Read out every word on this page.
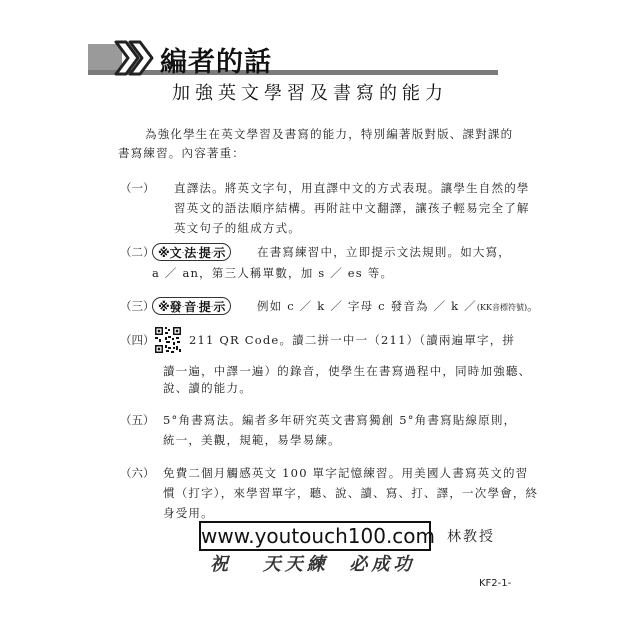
編者的話
加強英文學習及書寫的能力
為強化學生在英文學習及書寫的能力，特別編著版對版、課對課的
書寫練習。內容著重：
（一） 直譯法。將英文字句，用直譯中文的方式表現。讓學生自然的學
習英文的語法順序結構。再附註中文翻譯，讓孩子輕易完全了解
英文句子的組成方式。
（二） ※文⋅法⋅提⋅示	在書寫練習中，立即提示文法規則。如大寫，
a ／ an，第三人稱單數，加 s ／ es 等。
（三） ※發⋅音⋅提⋅示	例如 c ／ k ／ 字母 c 發音為 ／ k ／(KK音標符號)。
（四）	211 QR Code。讀二拼一中一（211）（讀兩遍單字，拼
讀一遍，中譯一遍）的錄音，使學生在書寫過程中，同時加強聽、
說、讀的能力。
（五） 5°角書寫法。編者多年研究英文書寫獨創 5°角書寫貼線原則，
統一，美觀，規範，易學易練。
（六） 免費二個月觸感英文 100 單字記憶練習。用美國人書寫英文的習
慣（打字），來學習單字，聽、說、讀、寫、打、譯，一次學會，終
身受用。
www.youtouch100.com 林教授
祝   天天練  必成功
KF2-1-
